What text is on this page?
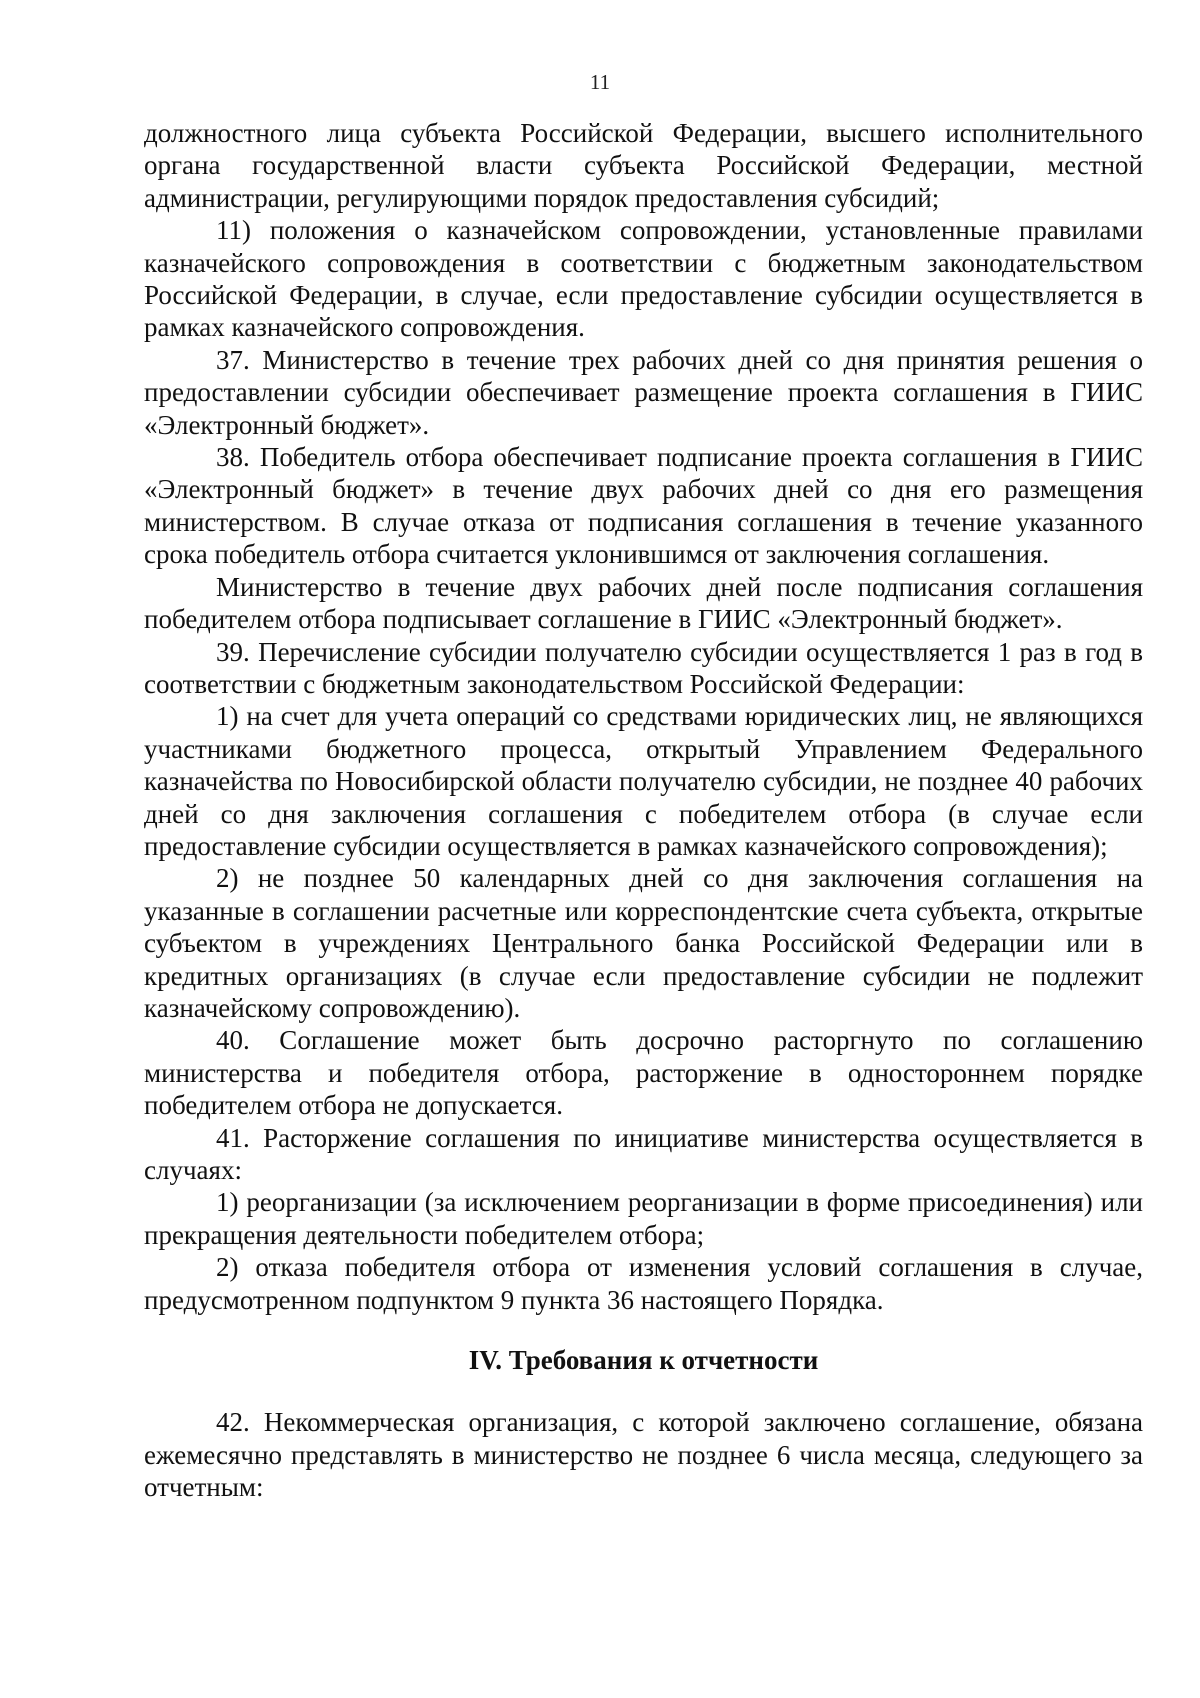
11

должностного лица субъекта Российской Федерации, высшего исполнительного органа государственной власти субъекта Российской Федерации, местной администрации, регулирующими порядок предоставления субсидий;

11) положения о казначейском сопровождении, установленные правилами казначейского сопровождения в соответствии с бюджетным законодательством Российской Федерации, в случае, если предоставление субсидии осуществляется в рамках казначейского сопровождения.

37. Министерство в течение трех рабочих дней со дня принятия решения о предоставлении субсидии обеспечивает размещение проекта соглашения в ГИИС «Электронный бюджет».

38. Победитель отбора обеспечивает подписание проекта соглашения в ГИИС «Электронный бюджет» в течение двух рабочих дней со дня его размещения министерством. В случае отказа от подписания соглашения в течение указанного срока победитель отбора считается уклонившимся от заключения соглашения.

Министерство в течение двух рабочих дней после подписания соглашения победителем отбора подписывает соглашение в ГИИС «Электронный бюджет».

39. Перечисление субсидии получателю субсидии осуществляется 1 раз в год в соответствии с бюджетным законодательством Российской Федерации:

1) на счет для учета операций со средствами юридических лиц, не являющихся участниками бюджетного процесса, открытый Управлением Федерального казначейства по Новосибирской области получателю субсидии, не позднее 40 рабочих дней со дня заключения соглашения с победителем отбора (в случае если предоставление субсидии осуществляется в рамках казначейского сопровождения);

2) не позднее 50 календарных дней со дня заключения соглашения на указанные в соглашении расчетные или корреспондентские счета субъекта, открытые субъектом в учреждениях Центрального банка Российской Федерации или в кредитных организациях (в случае если предоставление субсидии не подлежит казначейскому сопровождению).

40. Соглашение может быть досрочно расторгнуто по соглашению министерства и победителя отбора, расторжение в одностороннем порядке победителем отбора не допускается.

41. Расторжение соглашения по инициативе министерства осуществляется в случаях:

1) реорганизации (за исключением реорганизации в форме присоединения) или прекращения деятельности победителем отбора;

2) отказа победителя отбора от изменения условий соглашения в случае, предусмотренном подпунктом 9 пункта 36 настоящего Порядка.

IV. Требования к отчетности

42. Некоммерческая организация, с которой заключено соглашение, обязана ежемесячно представлять в министерство не позднее 6 числа месяца, следующего за отчетным:
